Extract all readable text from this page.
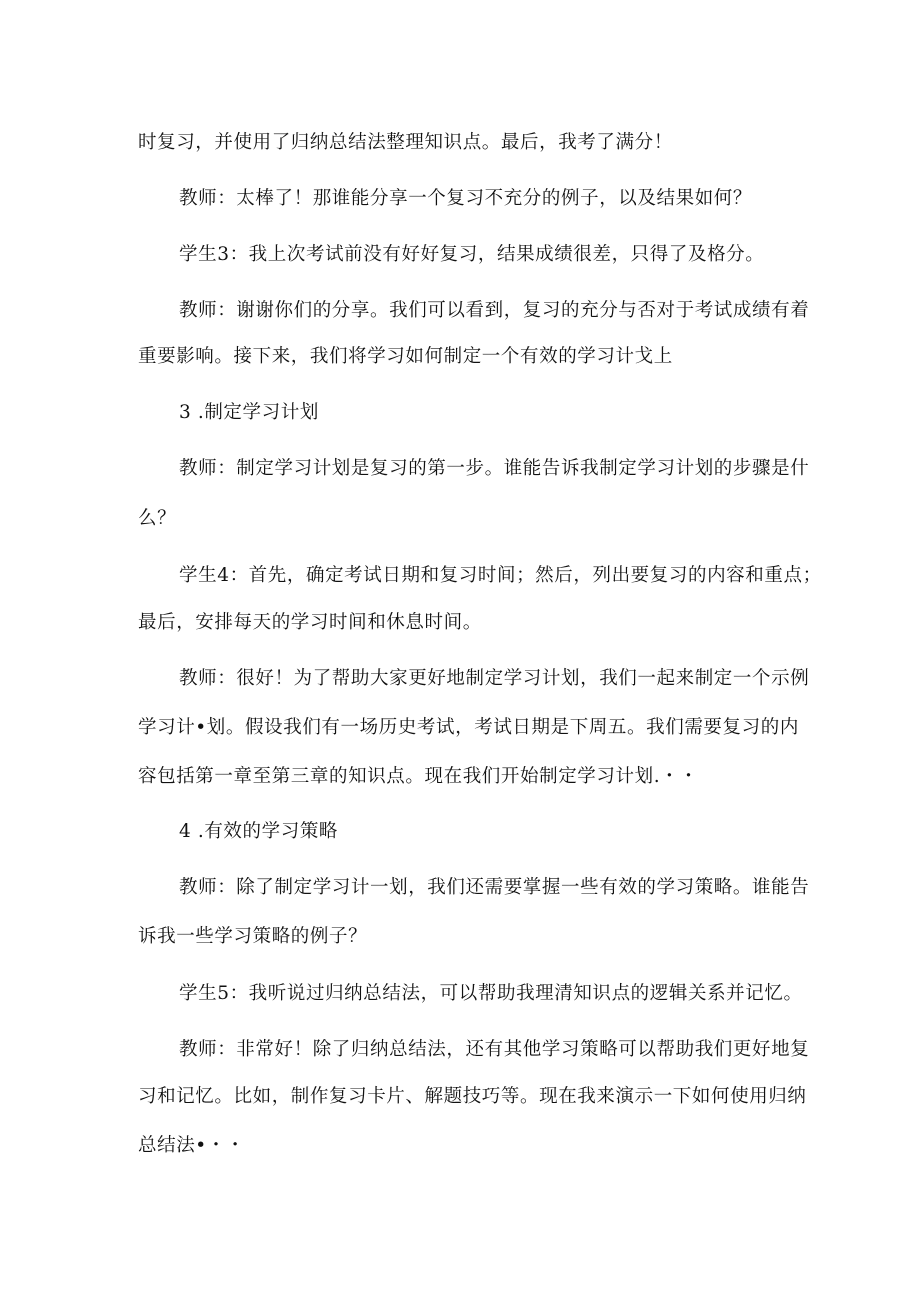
时复习，并使用了归纳总结法整理知识点。最后，我考了满分！
教师：太棒了！那谁能分享一个复习不充分的例子，以及结果如何？
学生3：我上次考试前没有好好复习，结果成绩很差，只得了及格分。
教师：谢谢你们的分享。我们可以看到，复习的充分与否对于考试成绩有着
重要影响。接下来，我们将学习如何制定一个有效的学习计戈上
3 .制定学习计划
教师：制定学习计划是复习的第一步。谁能告诉我制定学习计划的步骤是什
么？
学生4：首先，确定考试日期和复习时间；然后，列出要复习的内容和重点；
最后，安排每天的学习时间和休息时间。
教师：很好！为了帮助大家更好地制定学习计划，我们一起来制定一个示例
学习计•划。假设我们有一场历史考试，考试日期是下周五。我们需要复习的内
容包括第一章至第三章的知识点。现在我们开始制定学习计划.・・
4 .有效的学习策略
教师：除了制定学习计一划，我们还需要掌握一些有效的学习策略。谁能告
诉我一些学习策略的例子？
学生5：我听说过归纳总结法，可以帮助我理清知识点的逻辑关系并记忆。
教师：非常好！除了归纳总结法，还有其他学习策略可以帮助我们更好地复
习和记忆。比如，制作复习卡片、解题技巧等。现在我来演示一下如何使用归纳
总结法•・・
